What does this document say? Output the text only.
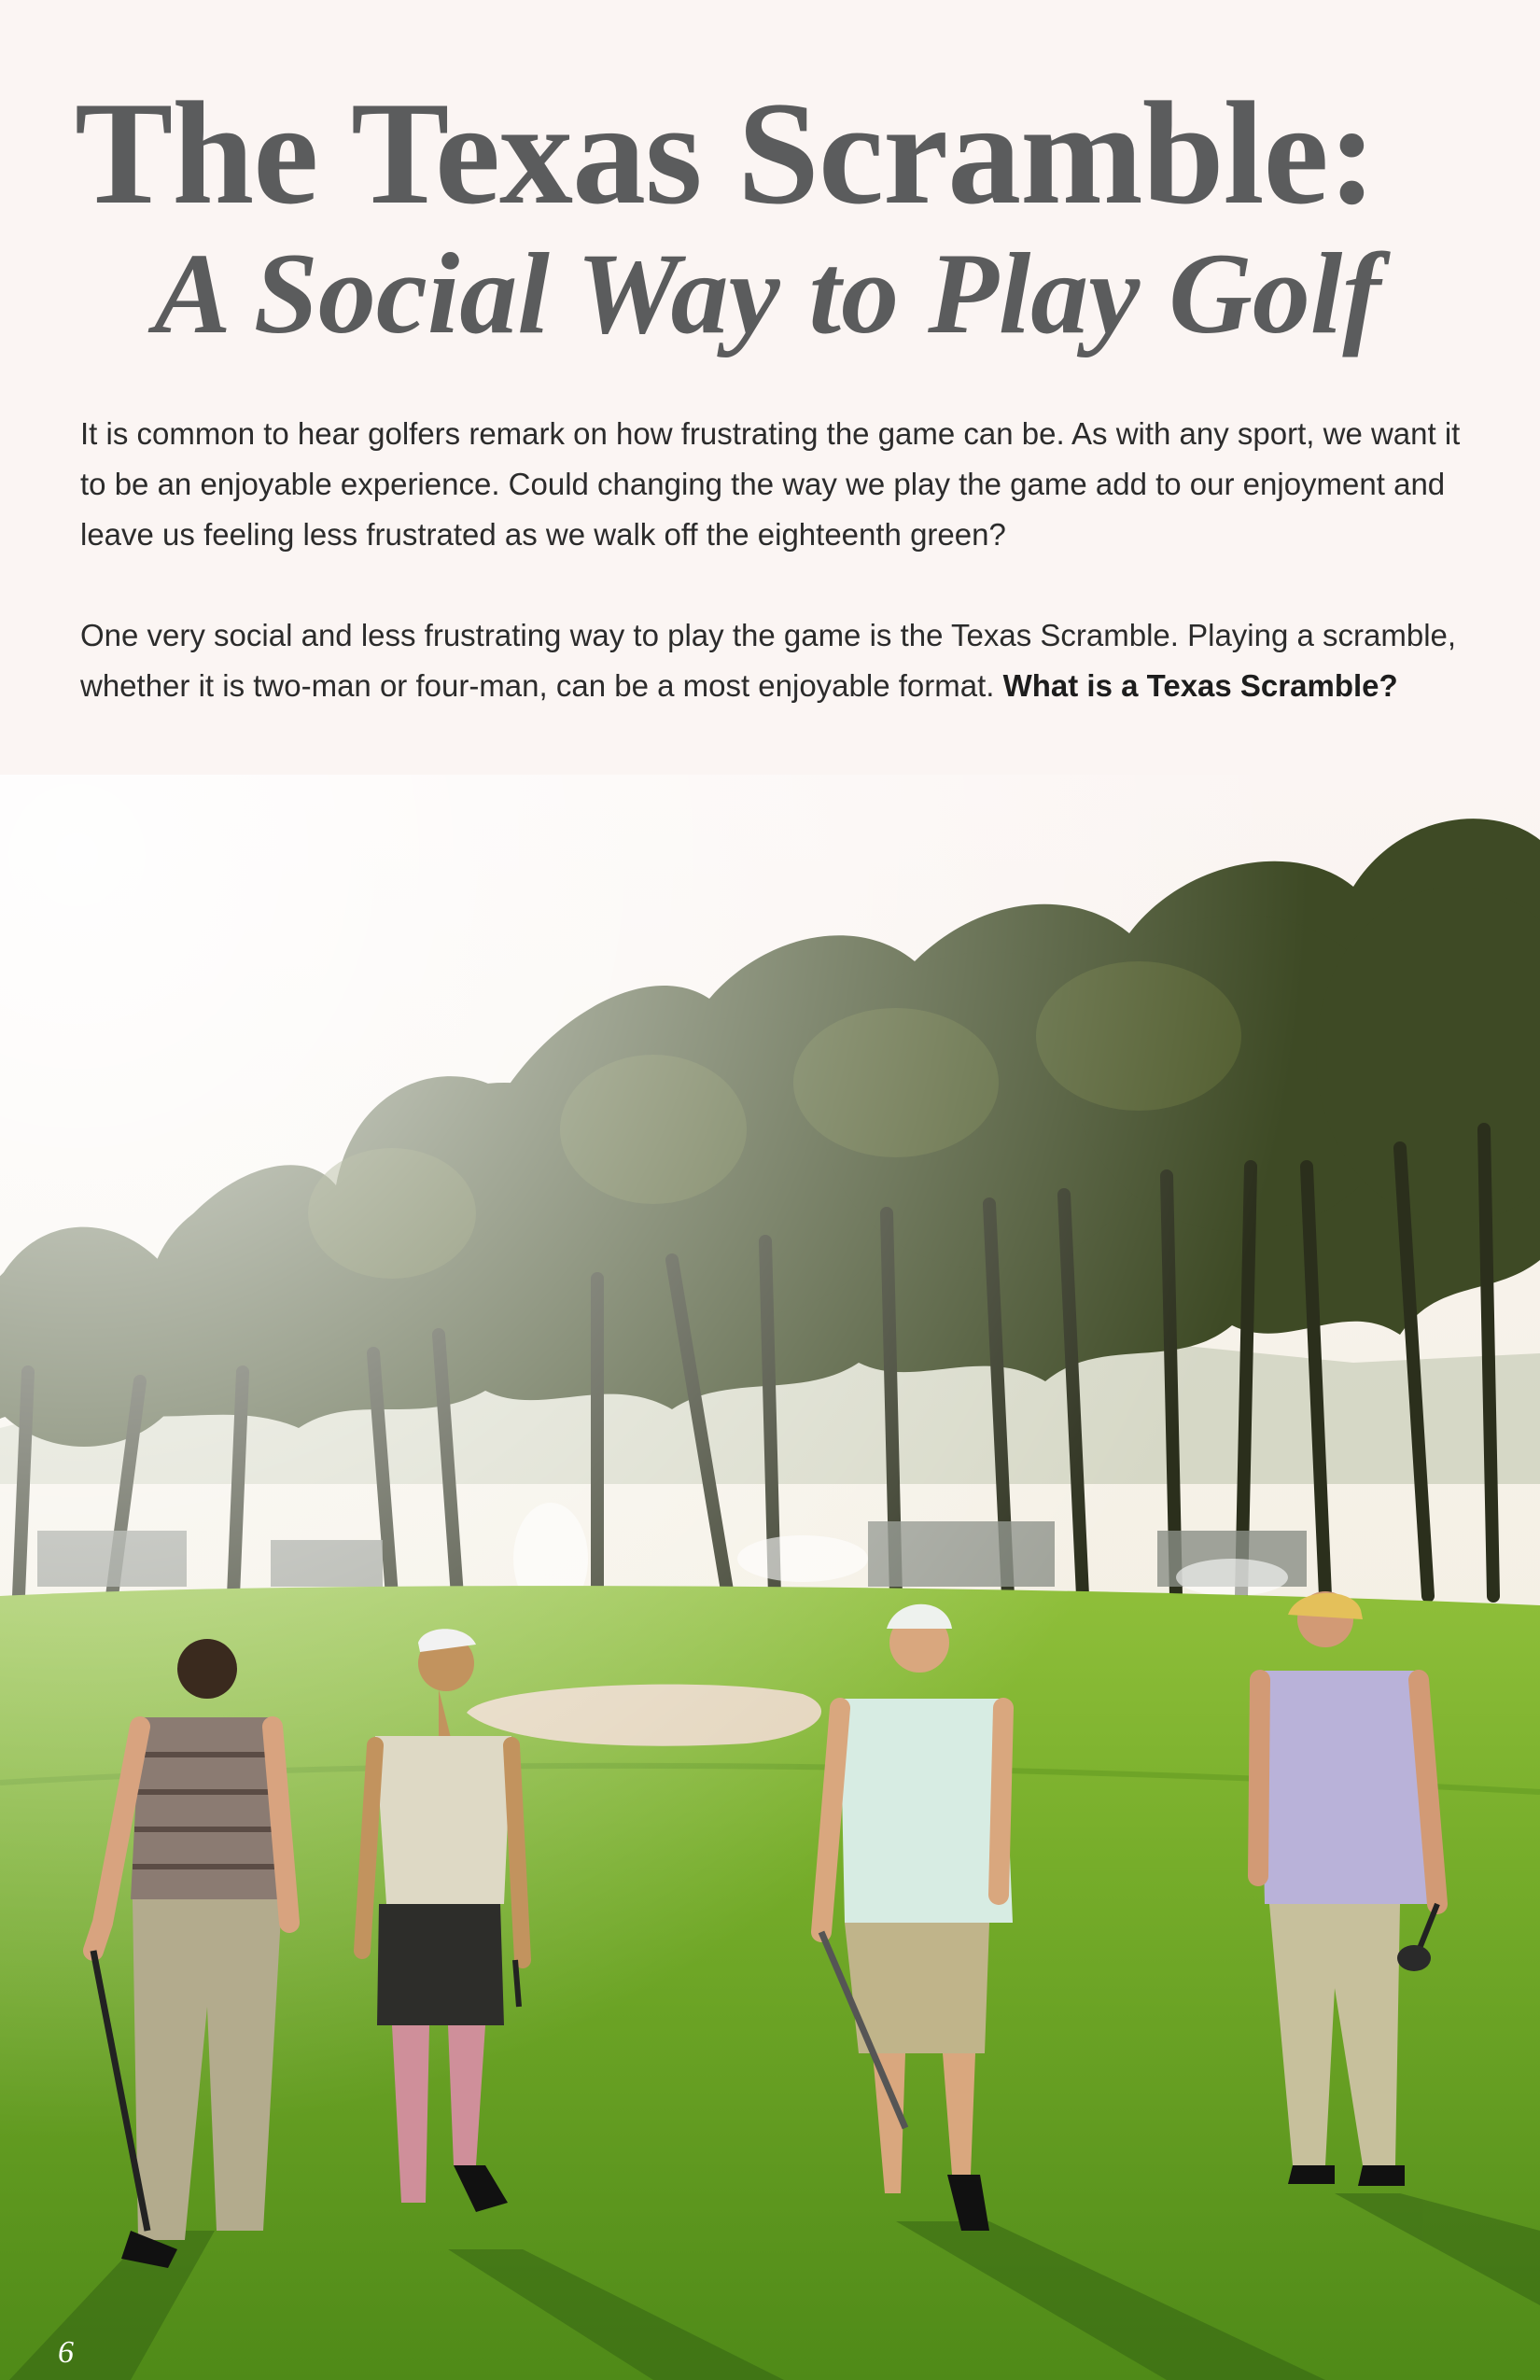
The Texas Scramble:
A Social Way to Play Golf

It is common to hear golfers remark on how frustrating the game can be. As with any sport, we want it to be an enjoyable experience. Could changing the way we play the game add to our enjoyment and leave us feeling less frustrated as we walk off the eighteenth green?

One very social and less frustrating way to play the game is the Texas Scramble. Playing a scramble, whether it is two-man or four-man, can be a most enjoyable format. What is a Texas Scramble?

6
